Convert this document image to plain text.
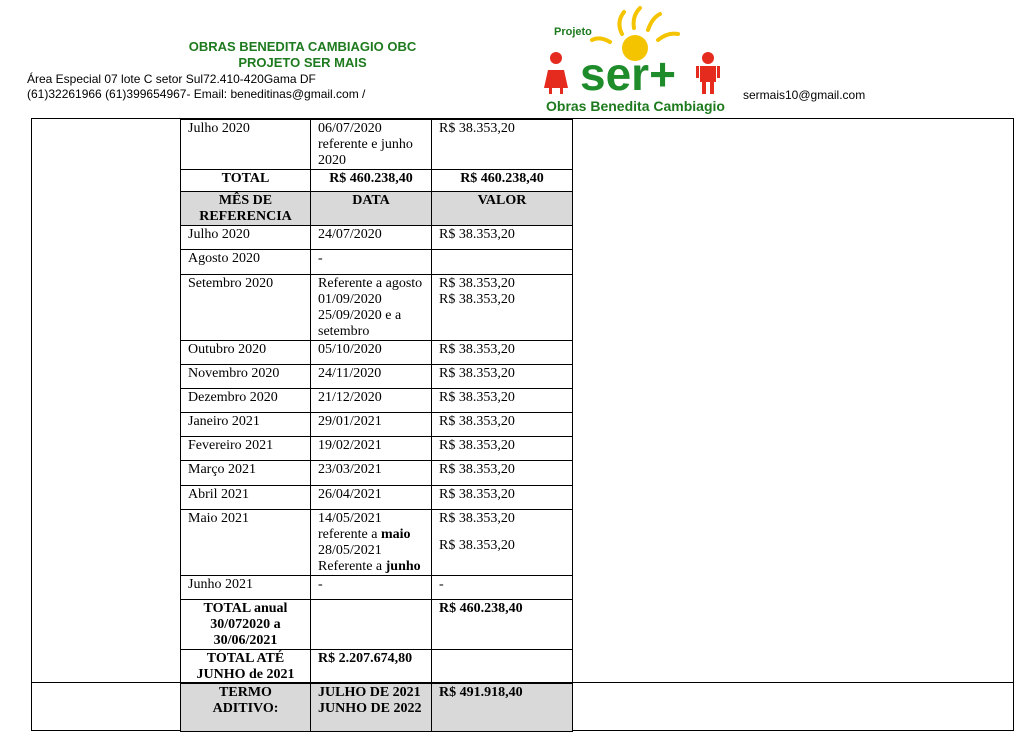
OBRAS BENEDITA CAMBIAGIO OBC
PROJETO SER MAIS
Área Especial 07 lote C setor Sul72.410-420Gama DF
(61)32261966 (61)399654967- Email: beneditinas@gmail.com /	sermais10@gmail.com
ser+
Projeto
Obras Benedita Cambiagio
Julho 2020	06/07/2020 referente e junho 2020	R$ 38.353,20
TOTAL	R$ 460.238,40	R$ 460.238,40
MÊS DE REFERENCIA	DATA	VALOR
Julho 2020	24/07/2020	R$ 38.353,20
Agosto 2020	-	
Setembro 2020	Referente a agosto 01/09/2020 25/09/2020 e a setembro	R$ 38.353,20
R$ 38.353,20

Outubro 2020	05/10/2020	R$ 38.353,20
Novembro 2020	24/11/2020	R$ 38.353,20
Dezembro 2020	21/12/2020	R$ 38.353,20
Janeiro 2021	29/01/2021	R$ 38.353,20
Fevereiro 2021	19/02/2021	R$ 38.353,20
Março 2021	23/03/2021	R$ 38.353,20
Abril 2021	26/04/2021	R$ 38.353,20
Maio 2021	14/05/2021 referente a maio 28/05/2021 Referente a junho	R$ 38.353,20
R$ 38.353,20

Junho 2021	-	-
TOTAL anual 30/072020 a 30/06/2021		R$ 460.238,40
TOTAL ATÉ JUNHO de 2021	R$ 2.207.674,80	
TERMO ADITIVO:	JULHO DE 2021 JUNHO DE 2022	R$ 491.918,40
